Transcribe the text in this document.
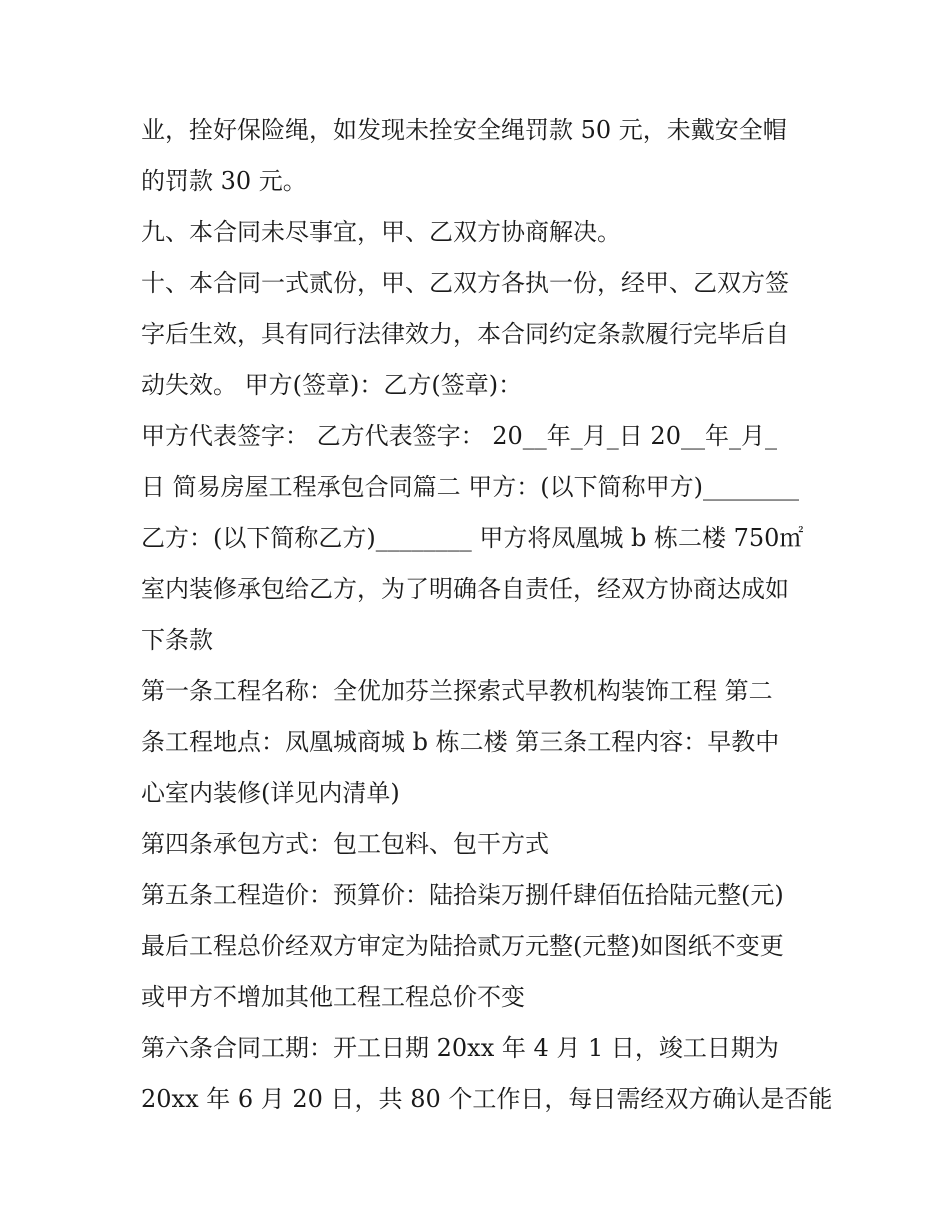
业，拴好保险绳，如发现未拴安全绳罚款 50 元，未戴安全帽
的罚款 30 元。
九、本合同未尽事宜，甲、乙双方协商解决。
十、本合同一式贰份，甲、乙双方各执一份，经甲、乙双方签
字后生效，具有同行法律效力，本合同约定条款履行完毕后自
动失效。 甲方(签章)：乙方(签章)：
甲方代表签字： 乙方代表签字： 20__年_月_日 20__年_月_
日 简易房屋工程承包合同篇二 甲方：(以下简称甲方)________
乙方：(以下简称乙方)________ 甲方将凤凰城 b 栋二楼 750㎡
室内装修承包给乙方，为了明确各自责任，经双方协商达成如
下条款
第一条工程名称：全优加芬兰探索式早教机构装饰工程 第二
条工程地点：凤凰城商城 b 栋二楼 第三条工程内容：早教中
心室内装修(详见内清单)
第四条承包方式：包工包料、包干方式
第五条工程造价：预算价：陆拾柒万捌仟肆佰伍拾陆元整(元)
最后工程总价经双方审定为陆拾贰万元整(元整)如图纸不变更
或甲方不增加其他工程工程总价不变
第六条合同工期：开工日期 20xx 年 4 月 1 日，竣工日期为
20xx 年 6 月 20 日，共 80 个工作日，每日需经双方确认是否能
